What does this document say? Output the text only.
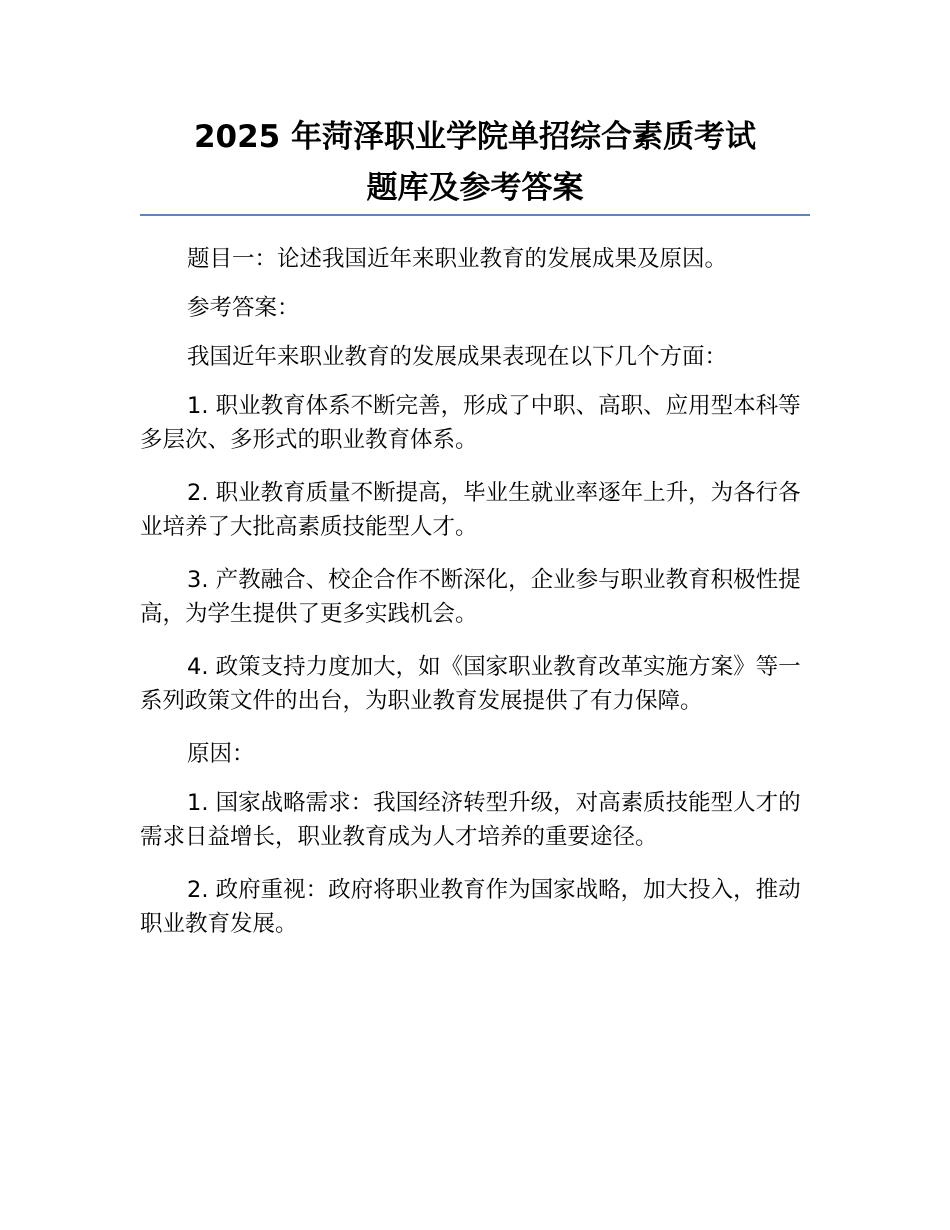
2025 年菏泽职业学院单招综合素质考试
题库及参考答案

题目一：论述我国近年来职业教育的发展成果及原因。

参考答案：

我国近年来职业教育的发展成果表现在以下几个方面：

1. 职业教育体系不断完善，形成了中职、高职、应用型本科等多层次、多形式的职业教育体系。

2. 职业教育质量不断提高，毕业生就业率逐年上升，为各行各业培养了大批高素质技能型人才。

3. 产教融合、校企合作不断深化，企业参与职业教育积极性提高，为学生提供了更多实践机会。

4. 政策支持力度加大，如《国家职业教育改革实施方案》等一系列政策文件的出台，为职业教育发展提供了有力保障。

原因：

1. 国家战略需求：我国经济转型升级，对高素质技能型人才的需求日益增长，职业教育成为人才培养的重要途径。

2. 政府重视：政府将职业教育作为国家战略，加大投入，推动职业教育发展。
